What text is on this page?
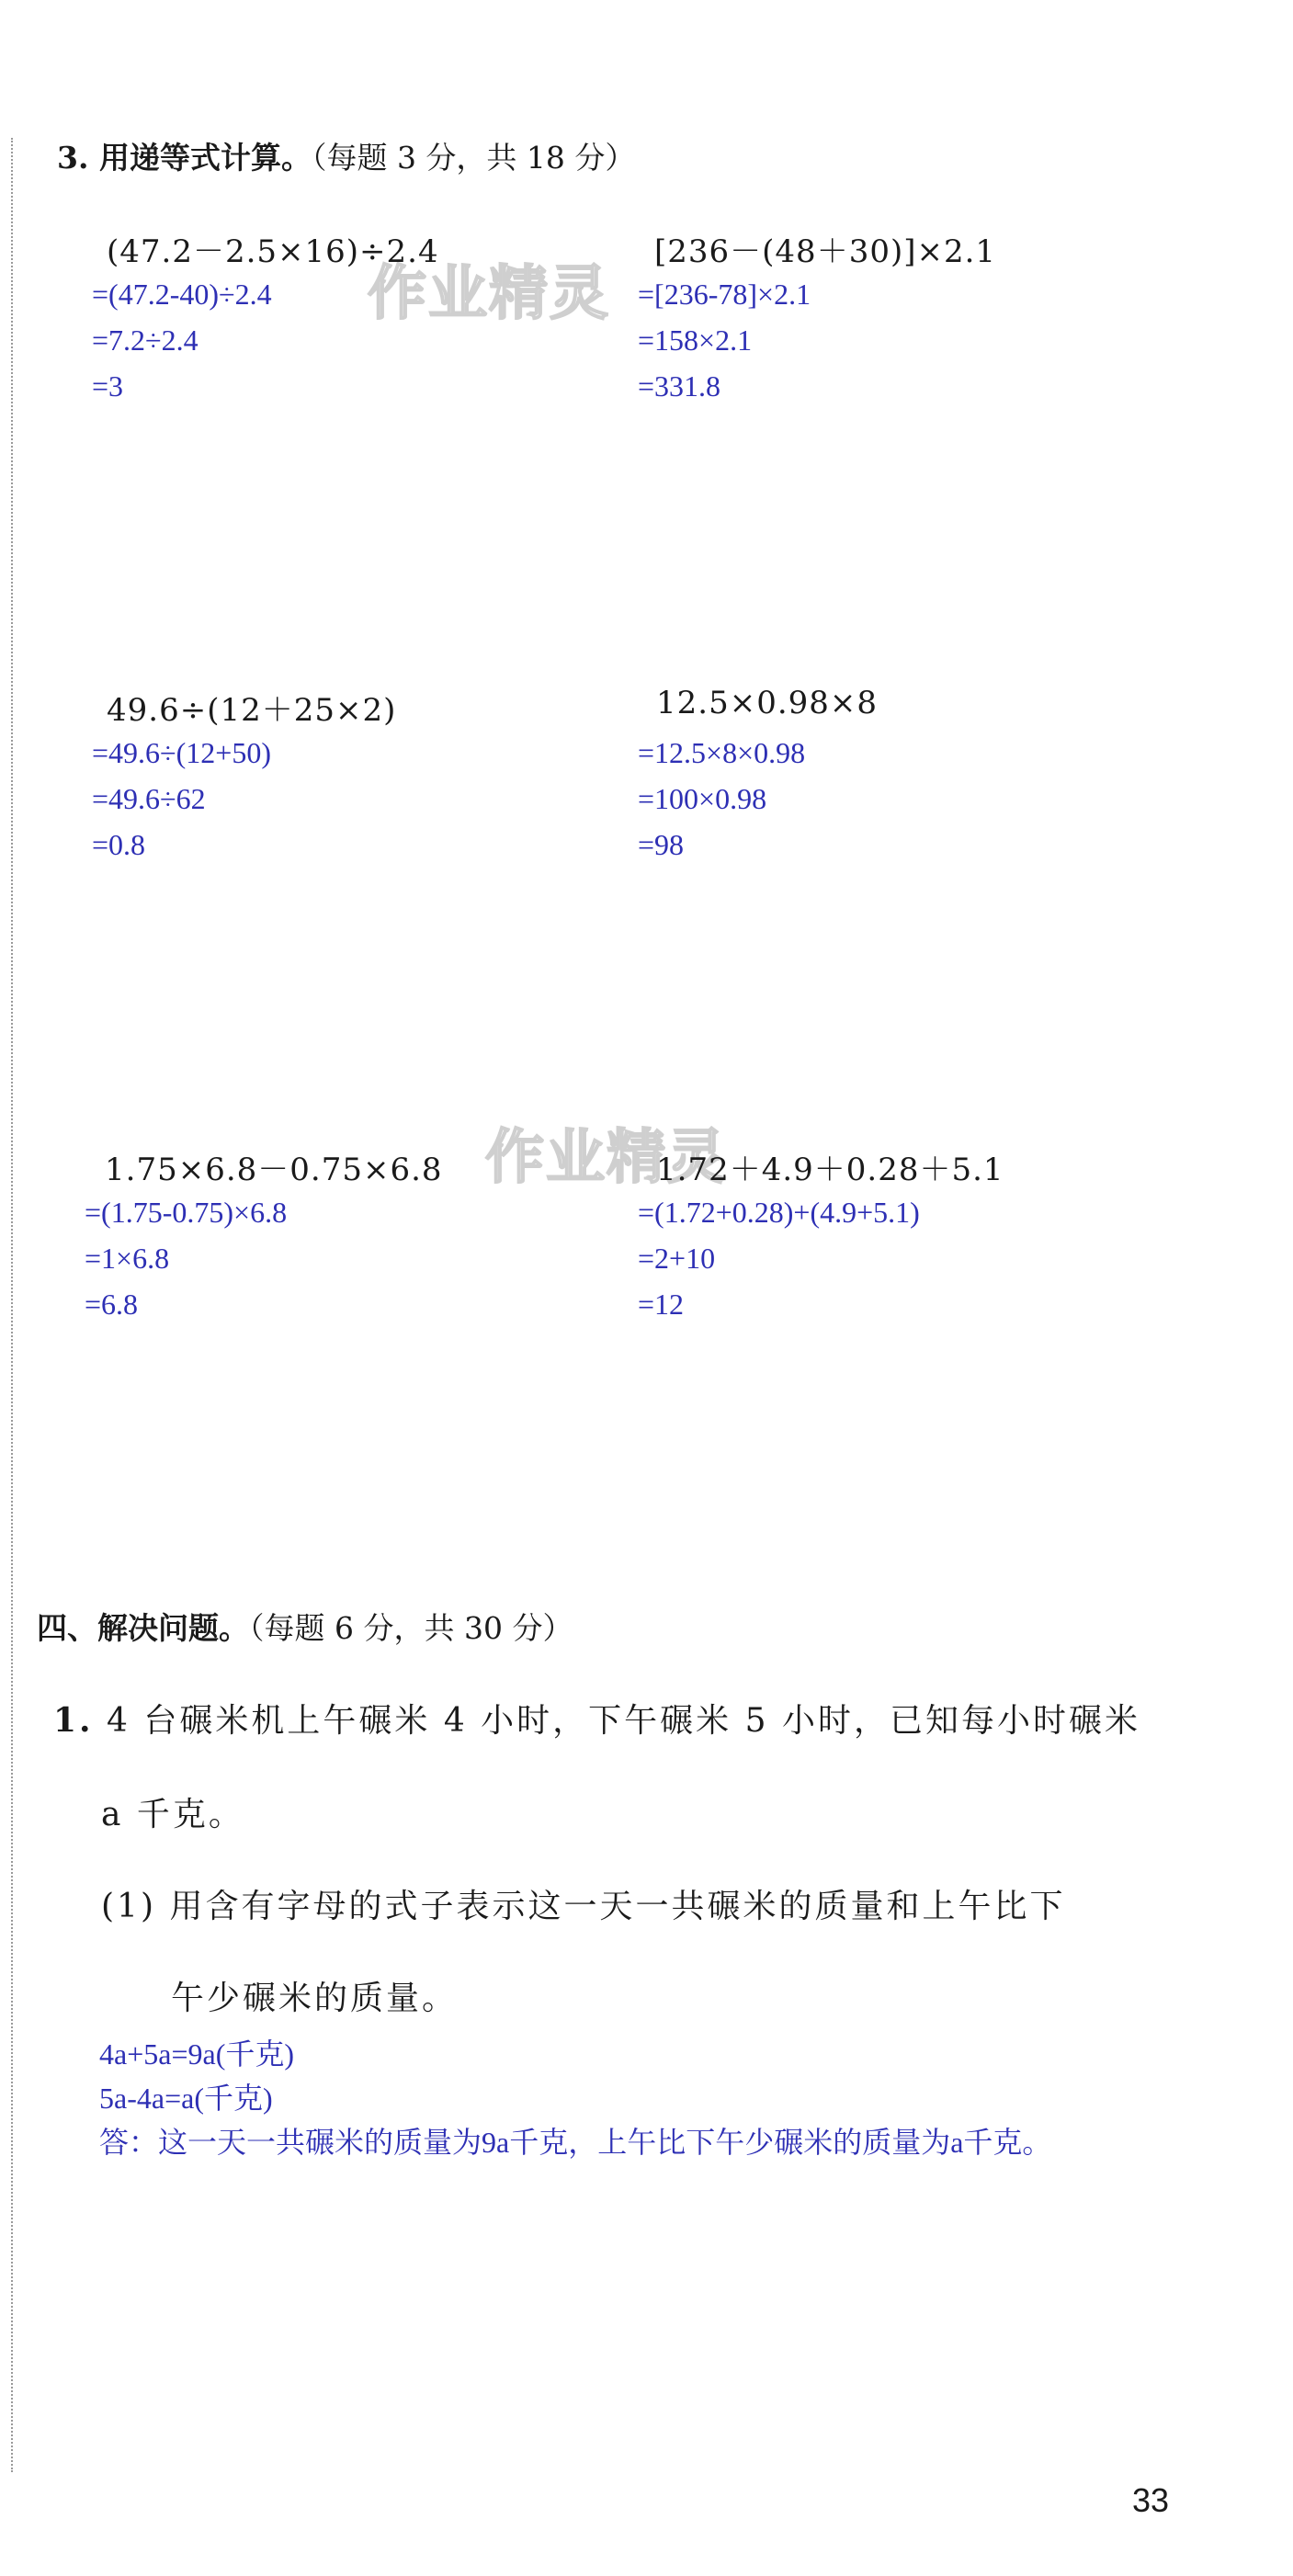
作业精灵
作业精灵
3. 用递等式计算。（每题 3 分，共 18 分）
(47.2－2.5×16)÷2.4
=(47.2-40)÷2.4
=7.2÷2.4
=3
[236－(48＋30)]×2.1
=[236-78]×2.1
=158×2.1
=331.8
49.6÷(12＋25×2)
=49.6÷(12+50)
=49.6÷62
=0.8
12.5×0.98×8
=12.5×8×0.98
=100×0.98
=98
1.75×6.8－0.75×6.8
=(1.75-0.75)×6.8
=1×6.8
=6.8
1.72＋4.9＋0.28＋5.1
=(1.72+0.28)+(4.9+5.1)
=2+10
=12
四、解决问题。（每题 6 分，共 30 分）
1. 4 台碾米机上午碾米 4 小时，下午碾米 5 小时，已知每小时碾米
a 千克。
(1) 用含有字母的式子表示这一天一共碾米的质量和上午比下
午少碾米的质量。
4a+5a=9a(千克)
5a-4a=a(千克)
答：这一天一共碾米的质量为9a千克，上午比下午少碾米的质量为a千克。
33
